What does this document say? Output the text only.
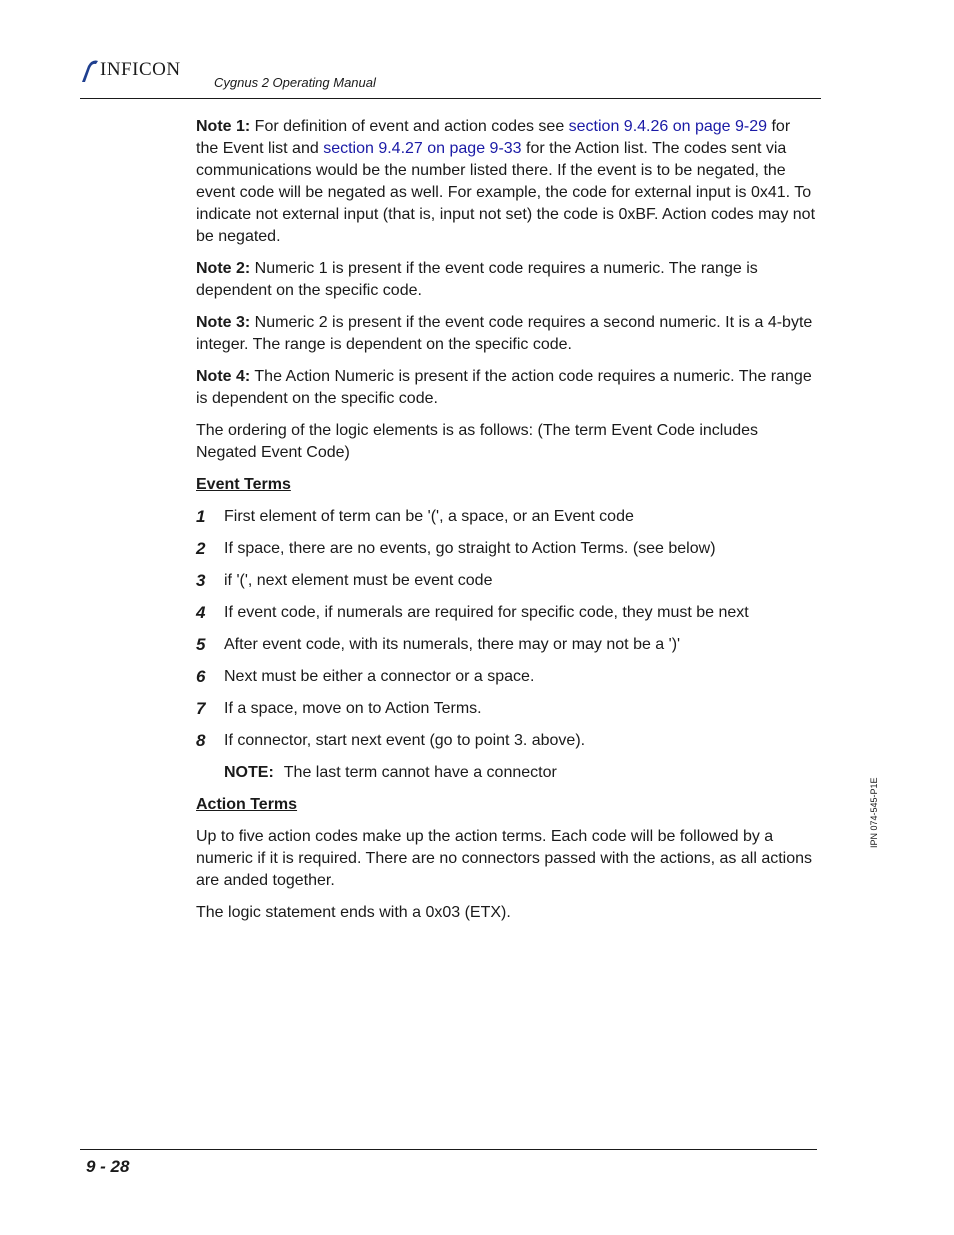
INFICON
Cygnus 2 Operating Manual

Note 1: For definition of event and action codes see section 9.4.26 on page 9-29 for the Event list and section 9.4.27 on page 9-33 for the Action list. The codes sent via communications would be the number listed there. If the event is to be negated, the event code will be negated as well. For example, the code for external input is 0x41. To indicate not external input (that is, input not set) the code is 0xBF. Action codes may not be negated.

Note 2: Numeric 1 is present if the event code requires a numeric. The range is dependent on the specific code.

Note 3: Numeric 2 is present if the event code requires a second numeric. It is a 4-byte integer. The range is dependent on the specific code.

Note 4: The Action Numeric is present if the action code requires a numeric. The range is dependent on the specific code.

The ordering of the logic elements is as follows: (The term Event Code includes Negated Event Code)

Event Terms
1	First element of term can be '(', a space, or an Event code
2	If space, there are no events, go straight to Action Terms. (see below)
3	if '(', next element must be event code
4	If event code, if numerals are required for specific code, they must be next
5	After event code, with its numerals, there may or may not be a ')'
6	Next must be either a connector or a space.
7	If a space, move on to Action Terms.
8	If connector, start next event (go to point 3. above).
NOTE: The last term cannot have a connector
Action Terms

Up to five action codes make up the action terms. Each code will be followed by a numeric if it is required. There are no connectors passed with the actions, as all actions are anded together.

The logic statement ends with a 0x03 (ETX).

IPN 074-545-P1E
9 - 28
